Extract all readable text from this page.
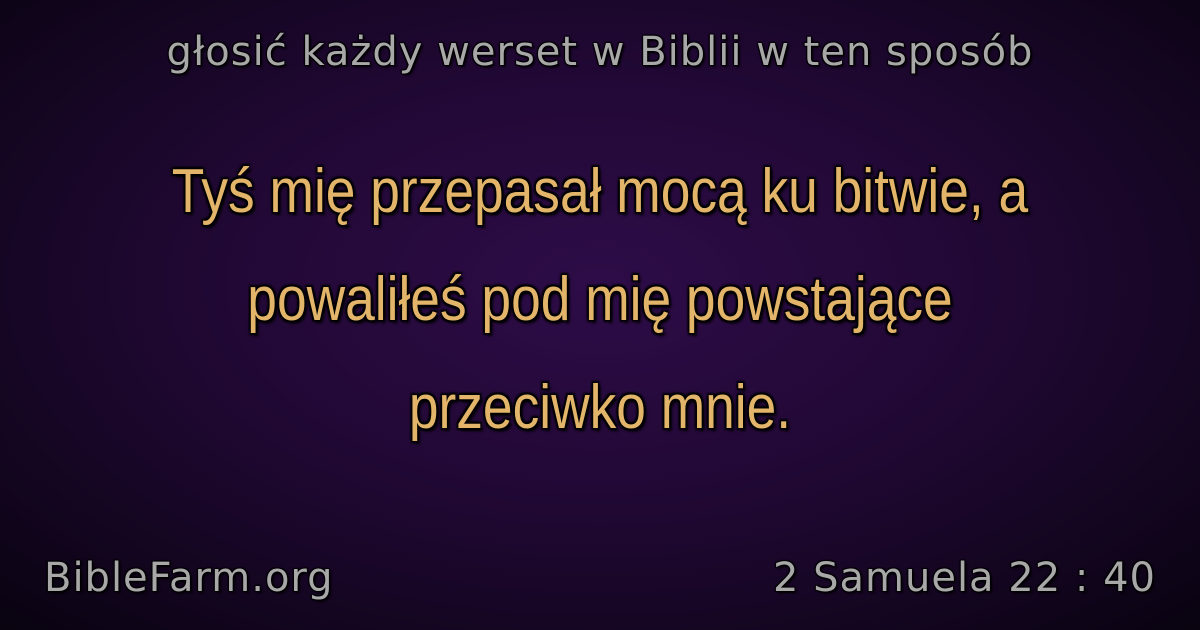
głosić każdy werset w Biblii w ten sposób
Tyś mię przepasał mocą ku bitwie, a powaliłeś pod mię powstające przeciwko mnie.
BibleFarm.org	2 Samuela 22 : 40
